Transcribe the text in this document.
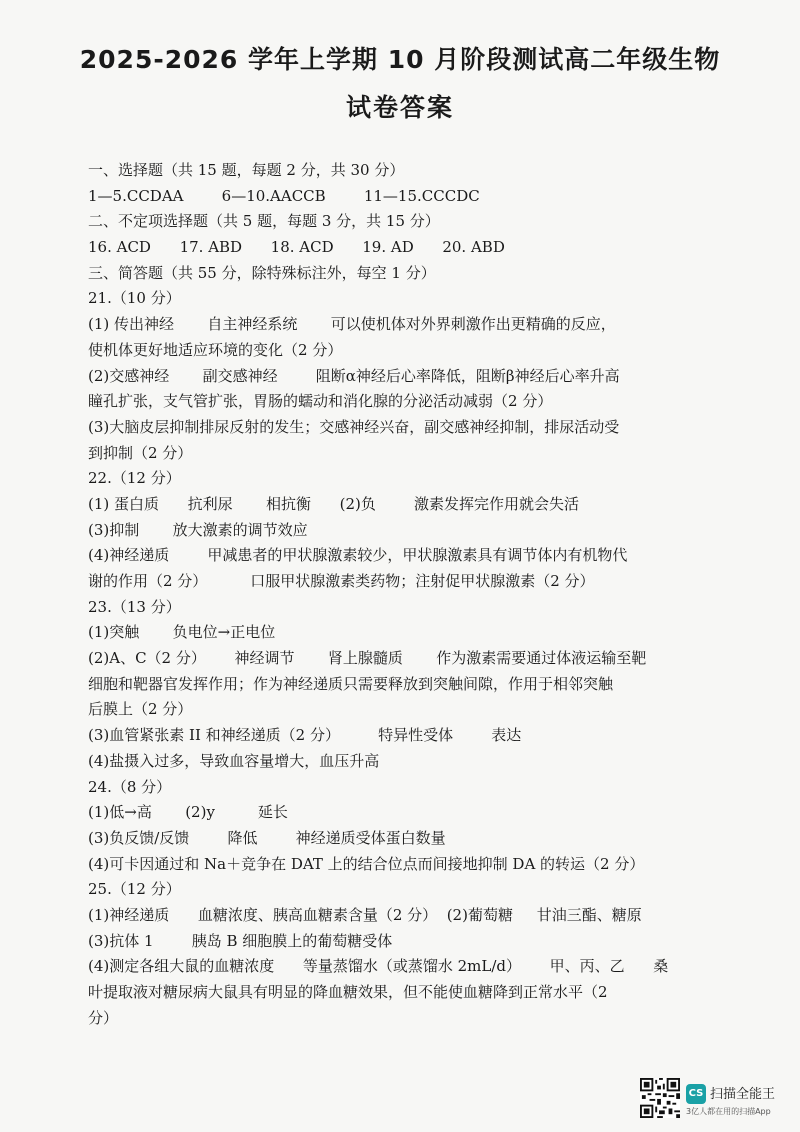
2025-2026 学年上学期 10 月阶段测试高二年级生物
试卷答案
一、选择题（共 15 题，每题 2 分，共 30 分）
1—5.CCDAA        6—10.AACCB        11—15.CCCDC
二、不定项选择题（共 5 题，每题 3 分，共 15 分）
16. ACD      17. ABD      18. ACD      19. AD      20. ABD
三、简答题（共 55 分，除特殊标注外，每空 1 分）
21.（10 分）
(1) 传出神经       自主神经系统       可以使机体对外界刺激作出更精确的反应，
使机体更好地适应环境的变化（2 分）
(2)交感神经       副交感神经        阻断α神经后心率降低，阻断β神经后心率升高
瞳孔扩张，支气管扩张，胃肠的蠕动和消化腺的分泌活动减弱（2 分）
(3)大脑皮层抑制排尿反射的发生；交感神经兴奋，副交感神经抑制，排尿活动受
到抑制（2 分）
22.（12 分）
(1) 蛋白质      抗利尿       相抗衡      (2)负        激素发挥完作用就会失活
(3)抑制       放大激素的调节效应
(4)神经递质        甲减患者的甲状腺激素较少，甲状腺激素具有调节体内有机物代
谢的作用（2 分）         口服甲状腺激素类药物；注射促甲状腺激素（2 分）
23.（13 分）
(1)突触       负电位→正电位
(2)A、C（2 分）      神经调节       肾上腺髓质       作为激素需要通过体液运输至靶
细胞和靶器官发挥作用；作为神经递质只需要释放到突触间隙，作用于相邻突触
后膜上（2 分）
(3)血管紧张素 II 和神经递质（2 分）        特异性受体        表达
(4)盐摄入过多，导致血容量增大，血压升高
24.（8 分）
(1)低→高       (2)y         延长
(3)负反馈/反馈        降低        神经递质受体蛋白数量
(4)可卡因通过和 Na＋竞争在 DAT 上的结合位点而间接地抑制 DA 的转运（2 分）
25.（12 分）
(1)神经递质      血糖浓度、胰高血糖素含量（2 分）  (2)葡萄糖     甘油三酯、糖原
(3)抗体 1        胰岛 B 细胞膜上的葡萄糖受体
(4)测定各组大鼠的血糖浓度      等量蒸馏水（或蒸馏水 2mL/d）      甲、丙、乙      桑
叶提取液对糖尿病大鼠具有明显的降血糖效果，但不能使血糖降到正常水平（2
分）
CS 扫描全能王
3亿人都在用的扫描App
